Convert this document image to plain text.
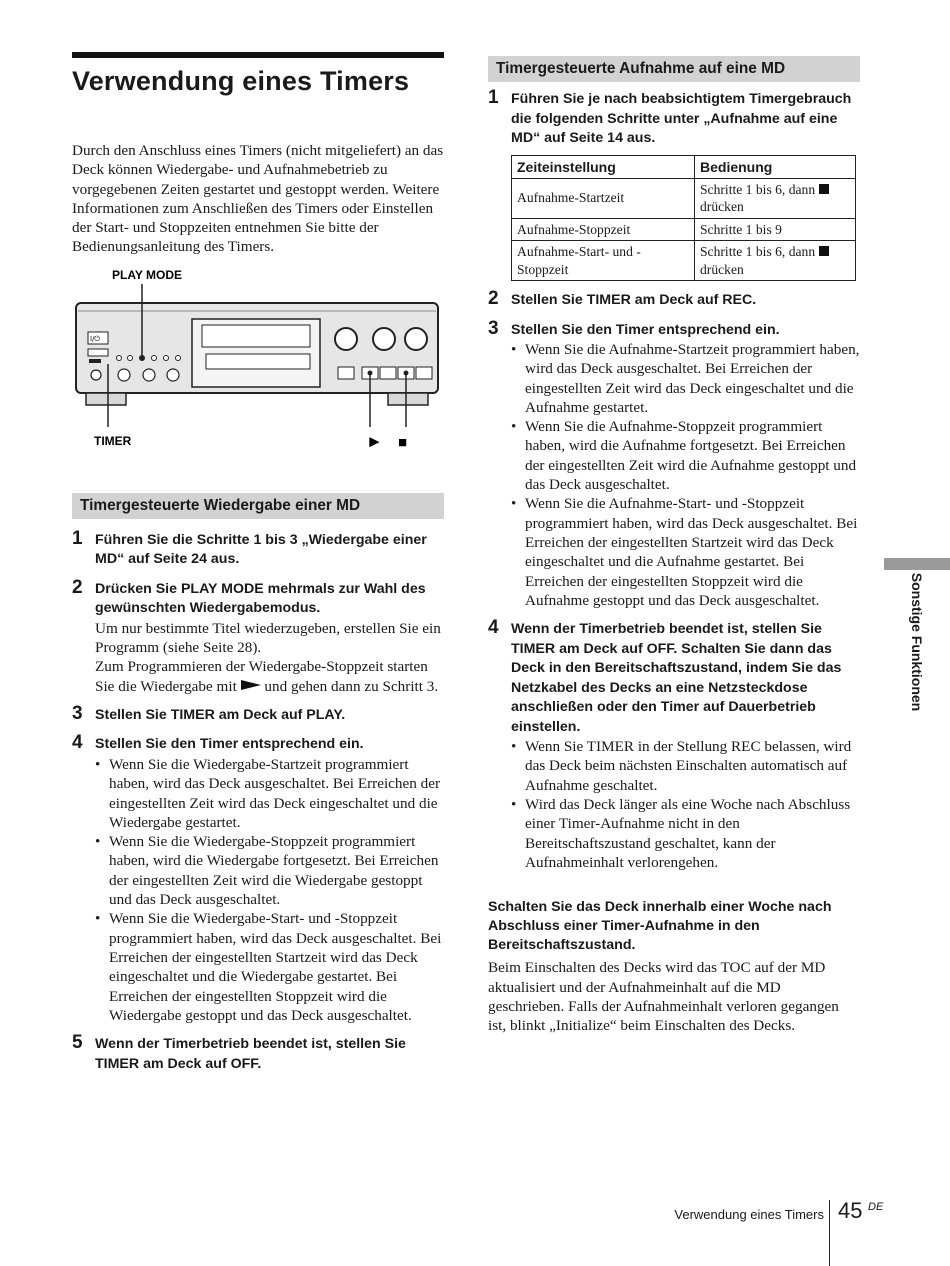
Verwendung eines Timers

Durch den Anschluss eines Timers (nicht mitgeliefert) an das Deck können Wiedergabe- und Aufnahmebetrieb zu vorgegebenen Zeiten gestartet und gestoppt werden. Weitere Informationen zum Anschließen des Timers oder Einstellen der Start- und Stoppzeiten entnehmen Sie bitte der Bedienungsanleitung des Timers.

PLAY MODE
TIMER	► ■
I/⏻
Timergesteuerte Wiedergabe einer MD
1 Führen Sie die Schritte 1 bis 3 „Wiedergabe einer MD“ auf Seite 24 aus.

2 Drücken Sie PLAY MODE mehrmals zur Wahl des gewünschten Wiedergabemodus.

Um nur bestimmte Titel wiederzugeben, erstellen Sie ein Programm (siehe Seite 28).

Zum Programmieren der Wiedergabe-Stoppzeit starten Sie die Wiedergabe mit und gehen dann zu Schritt 3.

3 Stellen Sie TIMER am Deck auf PLAY.

4 Stellen Sie den Timer entsprechend ein.

• Wenn Sie die Wiedergabe-Startzeit programmiert haben, wird das Deck ausgeschaltet. Bei Erreichen der eingestellten Zeit wird das Deck eingeschaltet und die Wiedergabe gestartet.
• Wenn Sie die Wiedergabe-Stoppzeit programmiert haben, wird die Wiedergabe fortgesetzt. Bei Erreichen der eingestellten Zeit wird die Wiedergabe gestoppt und das Deck ausgeschaltet.
• Wenn Sie die Wiedergabe-Start- und -Stoppzeit programmiert haben, wird das Deck ausgeschaltet. Bei Erreichen der eingestellten Startzeit wird das Deck eingeschaltet und die Wiedergabe gestartet. Bei Erreichen der eingestellten Stoppzeit wird die Wiedergabe gestoppt und das Deck ausgeschaltet.
5 Wenn der Timerbetrieb beendet ist, stellen Sie TIMER am Deck auf OFF.

Timergesteuerte Aufnahme auf eine MD
1 Führen Sie je nach beabsichtigtem Timergebrauch die folgenden Schritte unter „Aufnahme auf eine MD“ auf Seite 14 aus.

Zeiteinstellung	Bedienung
Aufnahme-Startzeit	Schritte 1 bis 6, dann
drücken
Aufnahme-Stoppzeit	Schritte 1 bis 9
Aufnahme-Start- und -Stoppzeit	Schritte 1 bis 6, dann
drücken
2 Stellen Sie TIMER am Deck auf REC.

3 Stellen Sie den Timer entsprechend ein.

• Wenn Sie die Aufnahme-Startzeit programmiert haben, wird das Deck ausgeschaltet. Bei Erreichen der eingestellten Zeit wird das Deck eingeschaltet und die Aufnahme gestartet.
• Wenn Sie die Aufnahme-Stoppzeit programmiert haben, wird die Aufnahme fortgesetzt. Bei Erreichen der eingestellten Zeit wird die Aufnahme gestoppt und das Deck ausgeschaltet.
• Wenn Sie die Aufnahme-Start- und -Stoppzeit programmiert haben, wird das Deck ausgeschaltet. Bei Erreichen der eingestellten Startzeit wird das Deck eingeschaltet und die Aufnahme gestartet. Bei Erreichen der eingestellten Stoppzeit wird die Aufnahme gestoppt und das Deck ausgeschaltet.
4 Wenn der Timerbetrieb beendet ist, stellen Sie TIMER am Deck auf OFF. Schalten Sie dann das Deck in den Bereitschaftszustand, indem Sie das Netzkabel des Decks an eine Netzsteckdose anschließen oder den Timer auf Dauerbetrieb einstellen.

• Wenn Sie TIMER in der Stellung REC belassen, wird das Deck beim nächsten Einschalten automatisch auf Aufnahme geschaltet.
• Wird das Deck länger als eine Woche nach Abschluss einer Timer-Aufnahme nicht in den Bereitschaftszustand geschaltet, kann der Aufnahmeinhalt verlorengehen.

Schalten Sie das Deck innerhalb einer Woche nach Abschluss einer Timer-Aufnahme in den Bereitschaftszustand.

Beim Einschalten des Decks wird das TOC auf der MD aktualisiert und der Aufnahmeinhalt auf die MD geschrieben. Falls der Aufnahmeinhalt verloren gegangen ist, blinkt „Initialize“ beim Einschalten des Decks.

Sonstige Funktionen
Verwendung eines Timers 45 DE
